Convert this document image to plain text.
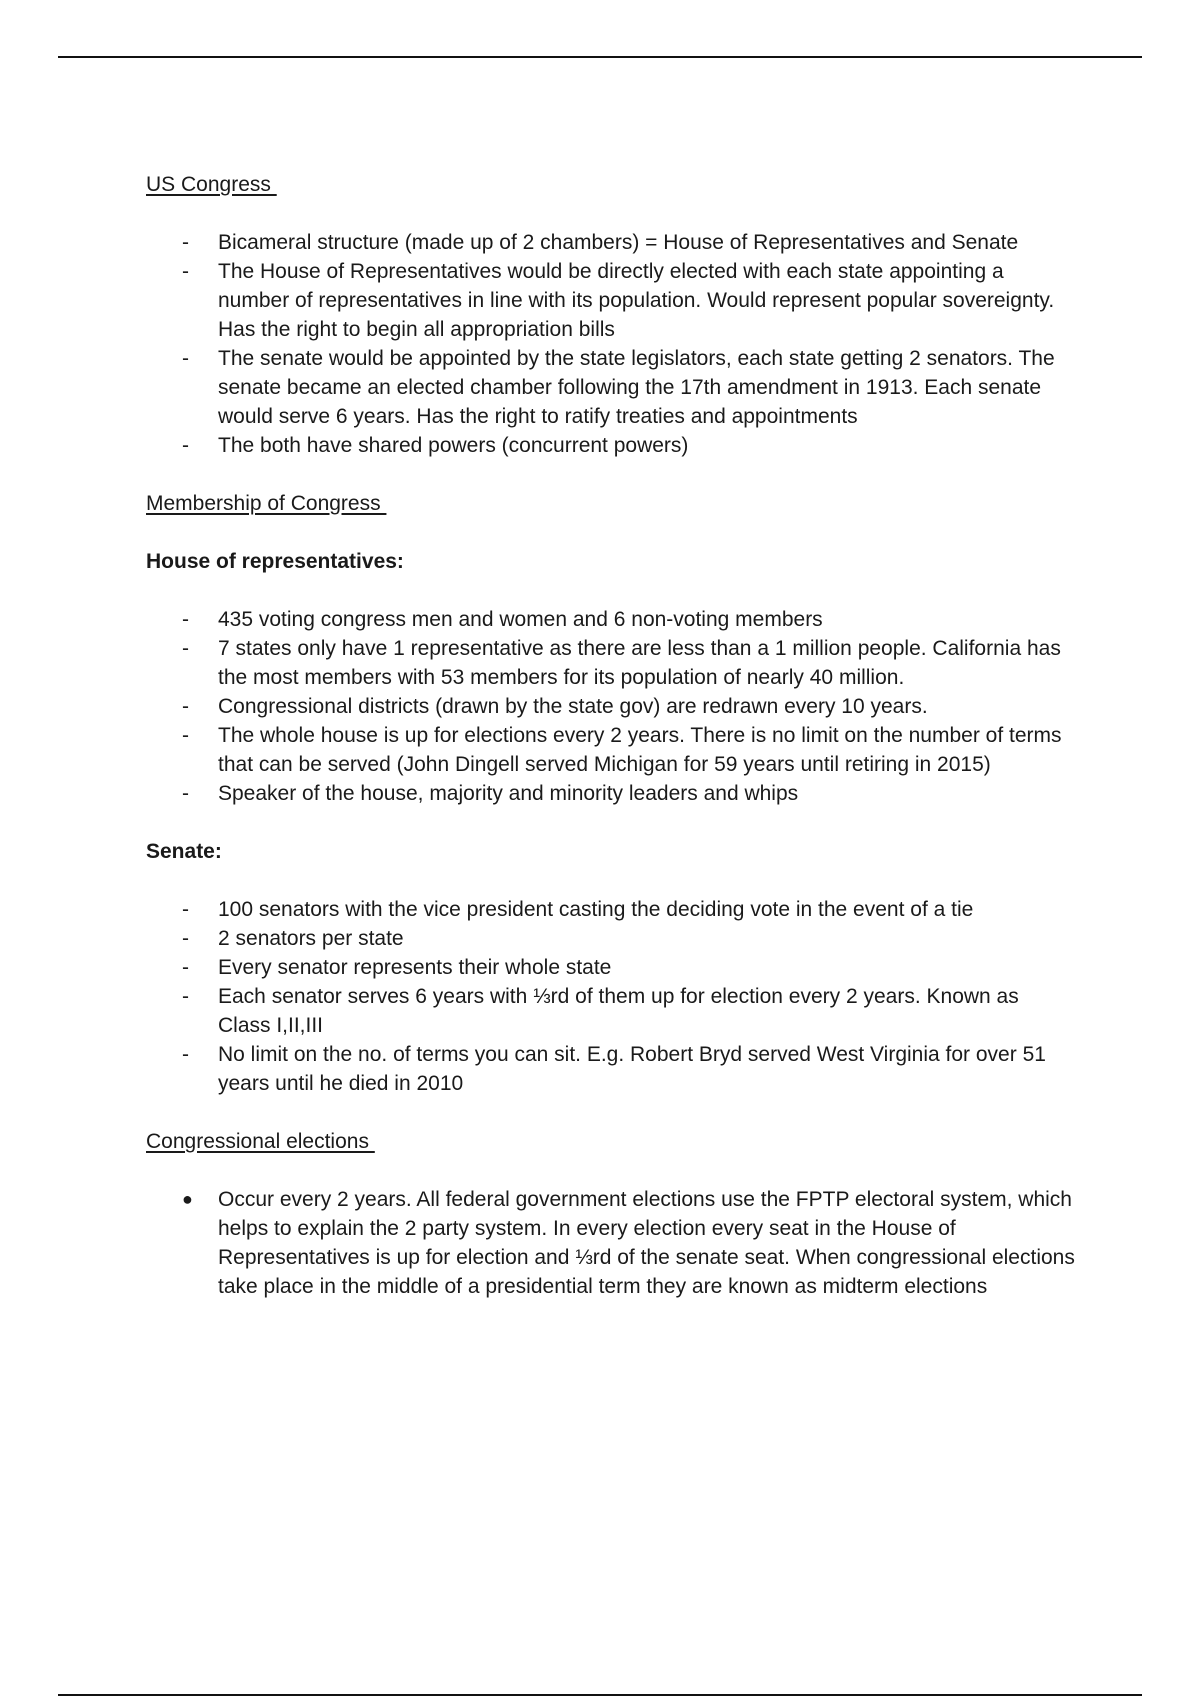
US Congress
-	Bicameral structure (made up of 2 chambers) = House of Representatives and Senate
-	The House of Representatives would be directly elected with each state appointing a number of representatives in line with its population. Would represent popular sovereignty. Has the right to begin all appropriation bills
-	The senate would be appointed by the state legislators, each state getting 2 senators. The senate became an elected chamber following the 17th amendment in 1913. Each senate would serve 6 years. Has the right to ratify treaties and appointments
-	The both have shared powers (concurrent powers)
Membership of Congress
House of representatives:
-	435 voting congress men and women and 6 non-voting members
-	7 states only have 1 representative as there are less than a 1 million people. California has the most members with 53 members for its population of nearly 40 million.
-	Congressional districts (drawn by the state gov) are redrawn every 10 years.
-	The whole house is up for elections every 2 years. There is no limit on the number of terms that can be served (John Dingell served Michigan for 59 years until retiring in 2015)
-	Speaker of the house, majority and minority leaders and whips
Senate:
-	100 senators with the vice president casting the deciding vote in the event of a tie
-	2 senators per state
-	Every senator represents their whole state
-	Each senator serves 6 years with ⅓rd of them up for election every 2 years. Known as Class I,II,III
-	No limit on the no. of terms you can sit. E.g. Robert Bryd served West Virginia for over 51 years until he died in 2010
Congressional elections
●	Occur every 2 years. All federal government elections use the FPTP electoral system, which helps to explain the 2 party system. In every election every seat in the House of Representatives is up for election and ⅓rd of the senate seat. When congressional elections take place in the middle of a presidential term they are known as midterm elections
